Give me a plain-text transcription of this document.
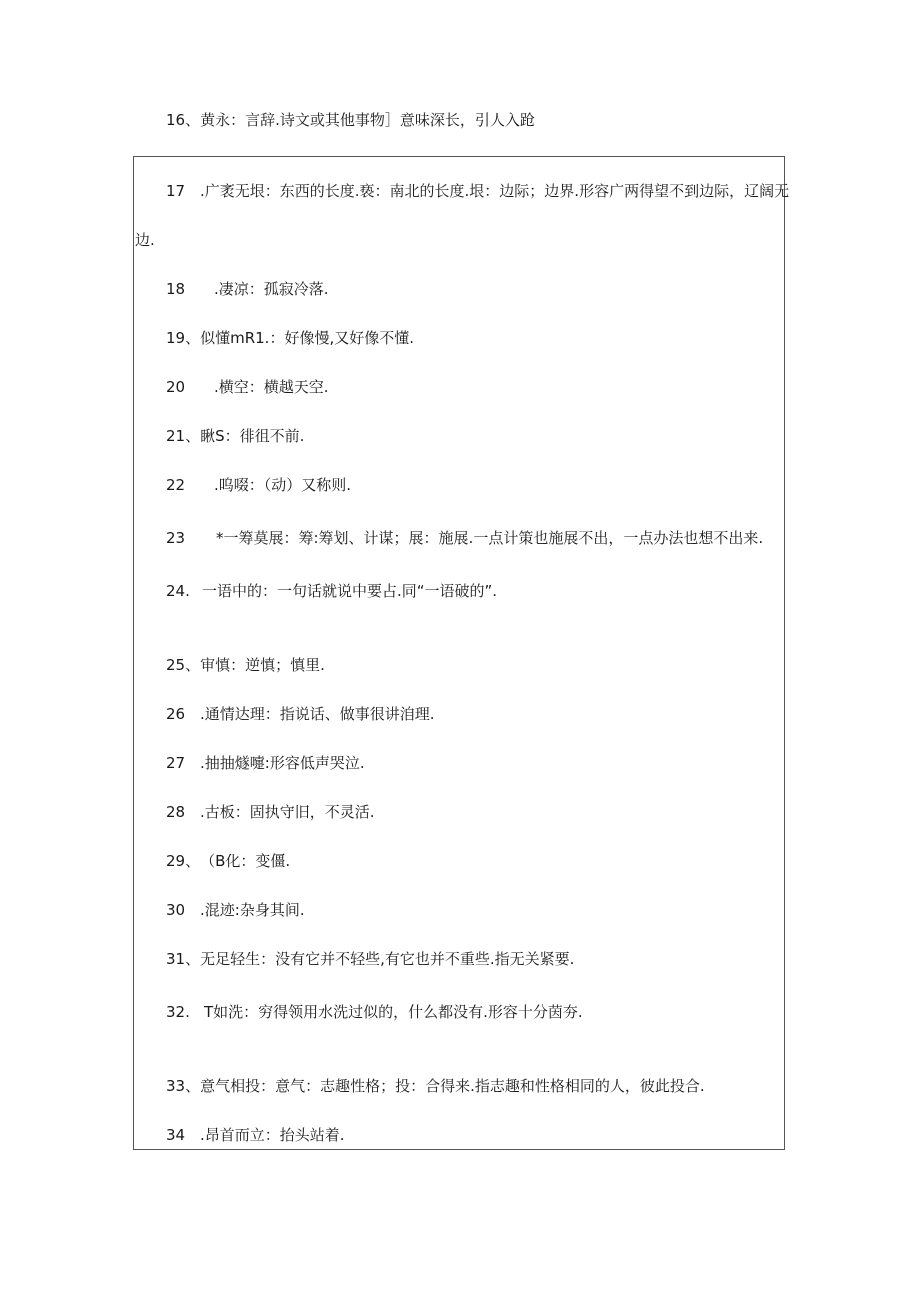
16、黄永：言辞.诗文或其他事物］意味深长，引人入跄
17 .广袤无垠：东西的长度.亵：南北的长度.垠：边际；边界.形容广两得望不到边际，辽阔无
边.
18 .凄凉：孤寂冷落.
19、似懂mR1.：好像慢,又好像不懂.
20 .横空：横越天空.
21、瞅S：徘徂不前.
22 .呜啜：（动）又称则.
23 *一筹莫展：筹:筹划、计谋；展：施展.一点计策也施展不出，一点办法也想不出来.
24. 一语中的：一句话就说中要占.同“一语破的”.
25、审慎：逆慎；慎里.
26 .通情达理：指说话、做事很讲洎理.
27 .抽抽燧嚏:形容低声哭泣.
28 .古板：固执守旧，不灵活.
29、（B化：变僵.
30 .混迹:杂身其间.
31、无足轻生：没有它并不轻些,有它也并不重些.指无关紧要.
32. T如洗：穷得领用水洗过似的，什么都没有.形容十分茵夯.
33、意气相投：意气：志趣性格；投：合得来.指志趣和性格相同的人，彼此投合.
34 .昂首而立：抬头站着.
